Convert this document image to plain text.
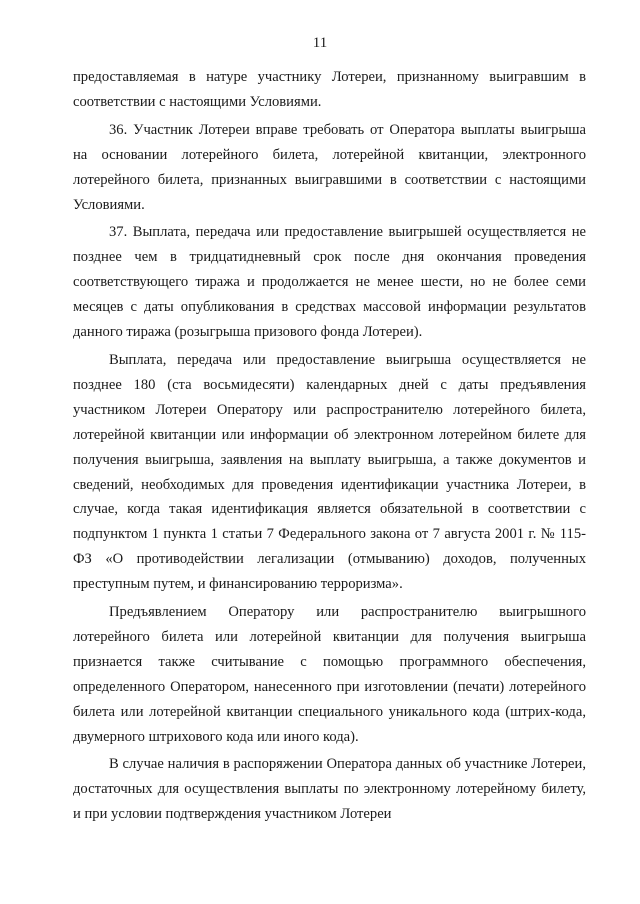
11

предоставляемая в натуре участнику Лотереи, признанному выигравшим в соответствии с настоящими Условиями.

36. Участник Лотереи вправе требовать от Оператора выплаты выигрыша на основании лотерейного билета, лотерейной квитанции, электронного лотерейного билета, признанных выигравшими в соответствии с настоящими Условиями.

37. Выплата, передача или предоставление выигрышей осуществляется не позднее чем в тридцатидневный срок после дня окончания проведения соответствующего тиража и продолжается не менее шести, но не более семи месяцев с даты опубликования в средствах массовой информации результатов данного тиража (розыгрыша призового фонда Лотереи).

Выплата, передача или предоставление выигрыша осуществляется не позднее 180 (ста восьмидесяти) календарных дней с даты предъявления участником Лотереи Оператору или распространителю лотерейного билета, лотерейной квитанции или информации об электронном лотерейном билете для получения выигрыша, заявления на выплату выигрыша, а также документов и сведений, необходимых для проведения идентификации участника Лотереи, в случае, когда такая идентификация является обязательной в соответствии с подпунктом 1 пункта 1 статьи 7 Федерального закона от 7 августа 2001 г. № 115-ФЗ «О противодействии легализации (отмыванию) доходов, полученных преступным путем, и финансированию терроризма».

Предъявлением Оператору или распространителю выигрышного лотерейного билета или лотерейной квитанции для получения выигрыша признается также считывание с помощью программного обеспечения, определенного Оператором, нанесенного при изготовлении (печати) лотерейного билета или лотерейной квитанции специального уникального кода (штрих-кода, двумерного штрихового кода или иного кода).

В случае наличия в распоряжении Оператора данных об участнике Лотереи, достаточных для осуществления выплаты по электронному лотерейному билету, и при условии подтверждения участником Лотереи
